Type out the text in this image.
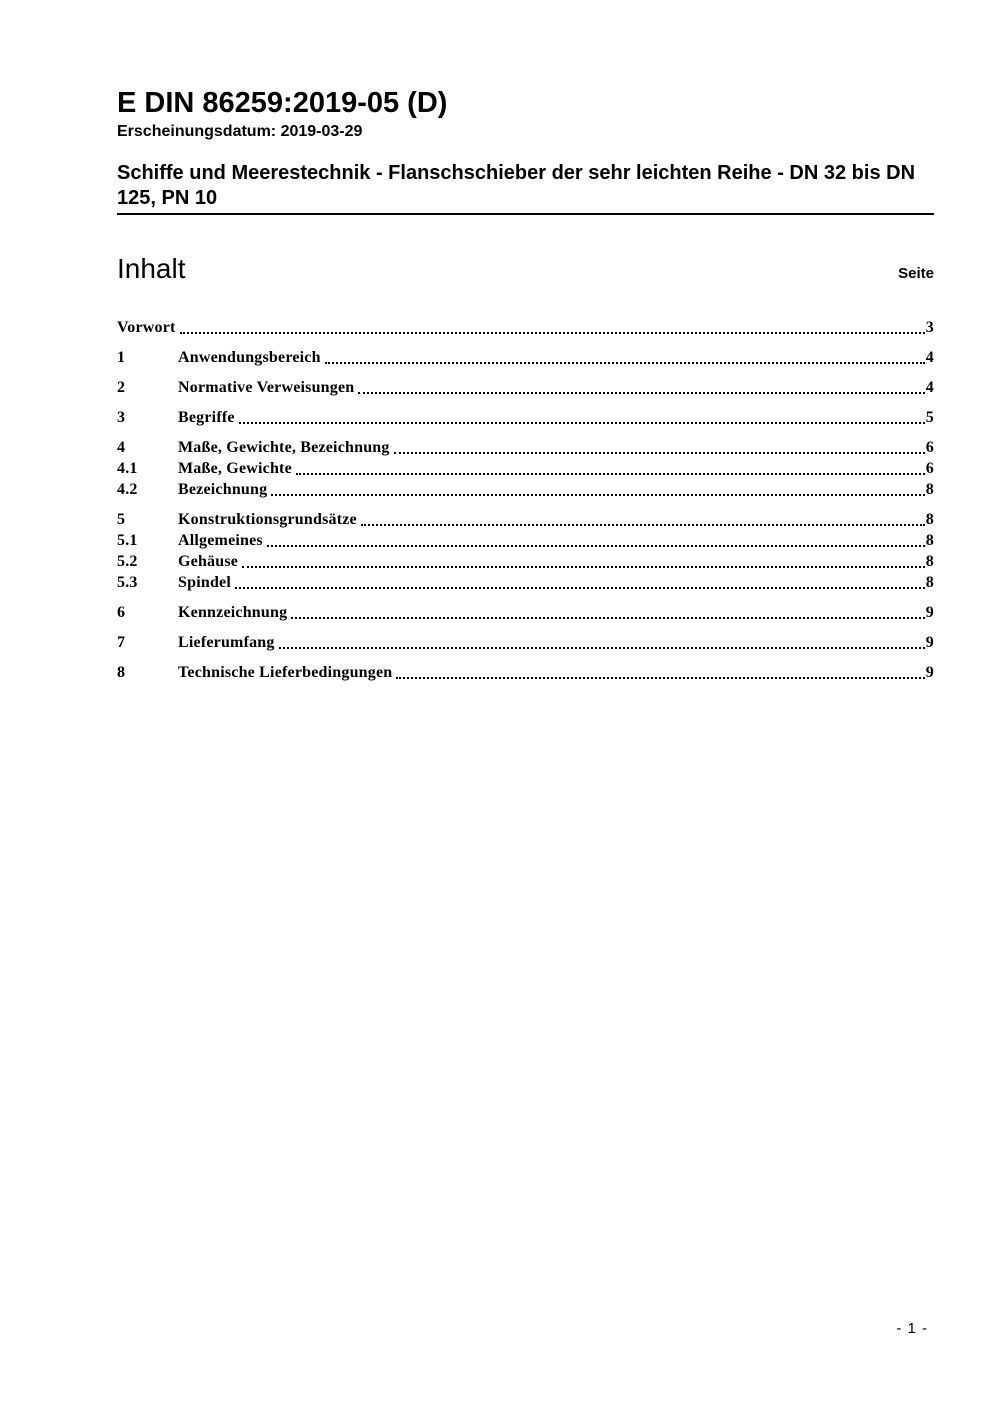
E DIN 86259:2019-05 (D)
Erscheinungsdatum: 2019-03-29
Schiffe und Meerestechnik - Flanschschieber der sehr leichten Reihe - DN 32 bis DN 125, PN 10
Inhalt	Seite
Vorwort	3
1	Anwendungsbereich	4
2	Normative Verweisungen	4
3	Begriffe	5
4	Maße, Gewichte, Bezeichnung	6
4.1	Maße, Gewichte	6
4.2	Bezeichnung	8
5	Konstruktionsgrundsätze	8
5.1	Allgemeines	8
5.2	Gehäuse	8
5.3	Spindel	8
6	Kennzeichnung	9
7	Lieferumfang	9
8	Technische Lieferbedingungen	9
- 1 -
